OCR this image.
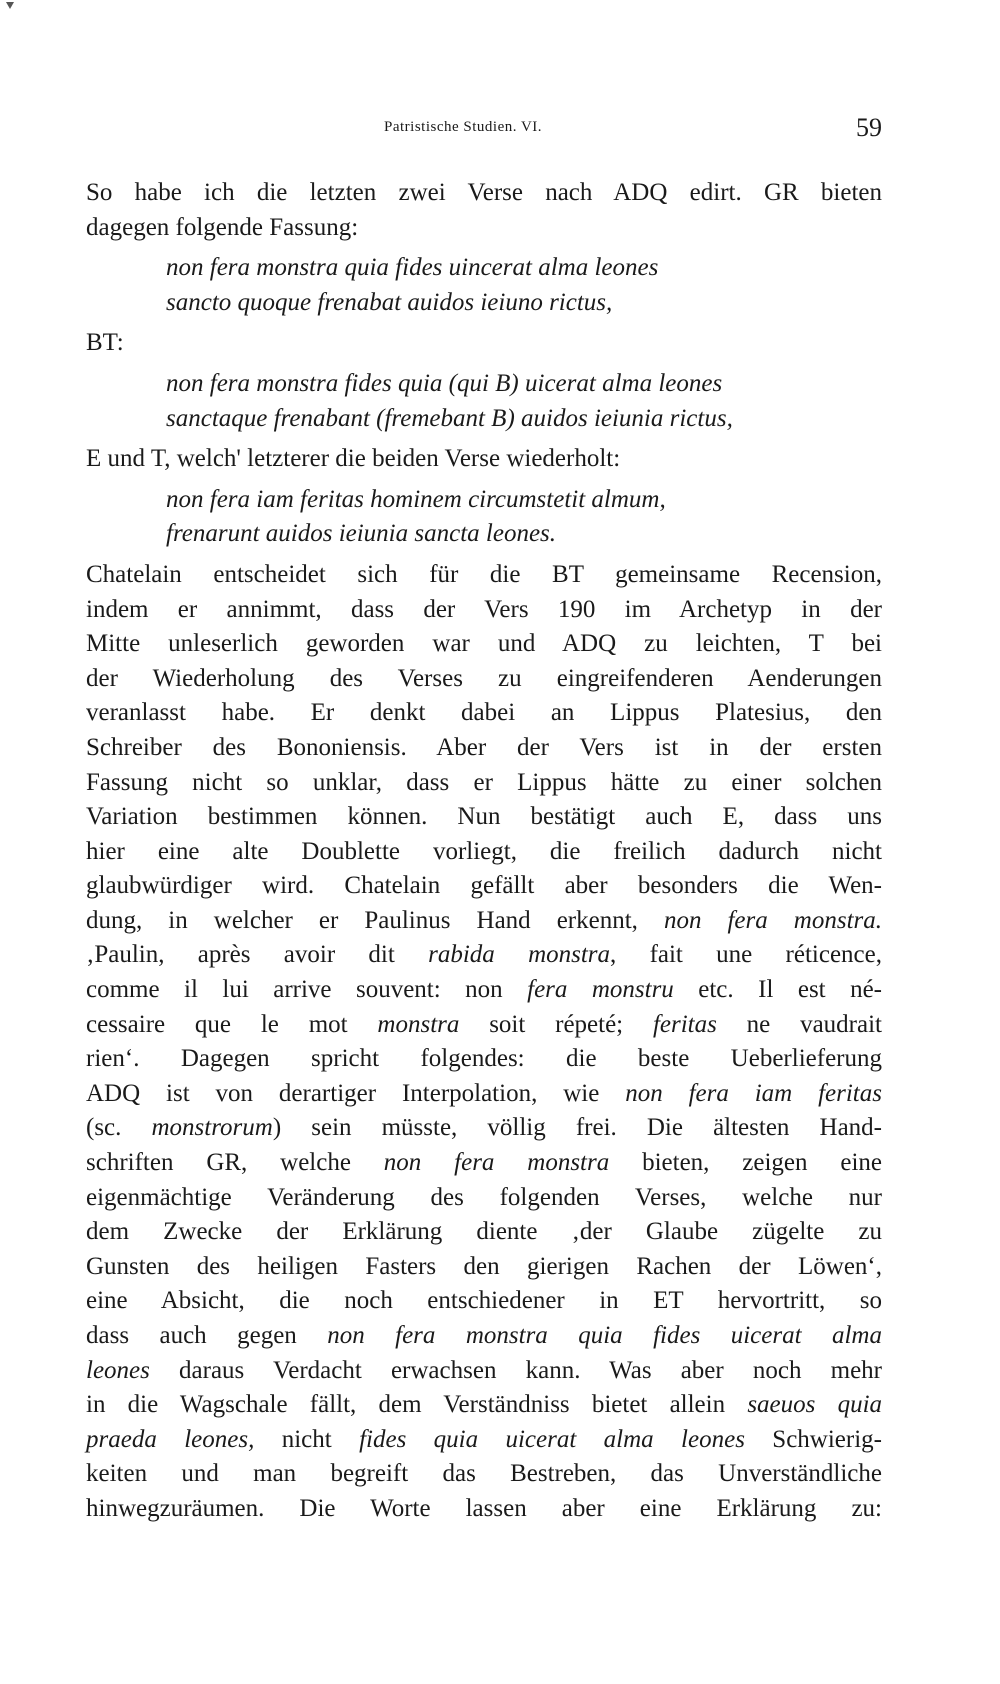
Patristische Studien. VI.	59
So habe ich die letzten zwei Verse nach ADQ edirt. GR bieten
dagegen folgende Fassung:
non fera monstra quia fides uincerat alma leones
sancto quoque frenabat auidos ieiuno rictus,
BT:
non fera monstra fides quia (qui B) uicerat alma leones
sanctaque frenabant (fremebant B) auidos ieiunia rictus,
E und T, welch' letzterer die beiden Verse wiederholt:
non fera iam feritas hominem circumstetit almum,
frenarunt auidos ieiunia sancta leones.
Chatelain entscheidet sich für die BT gemeinsame Recension,
indem er annimmt, dass der Vers 190 im Archetyp in der
Mitte unleserlich geworden war und ADQ zu leichten, T bei
der Wiederholung des Verses zu eingreifenderen Aenderungen
veranlasst habe. Er denkt dabei an Lippus Platesius, den
Schreiber des Bononiensis. Aber der Vers ist in der ersten
Fassung nicht so unklar, dass er Lippus hätte zu einer solchen
Variation bestimmen können. Nun bestätigt auch E, dass uns
hier eine alte Doublette vorliegt, die freilich dadurch nicht
glaubwürdiger wird. Chatelain gefällt aber besonders die Wen-
dung, in welcher er Paulinus Hand erkennt, non fera monstra.
‚Paulin, après avoir dit rabida monstra, fait une réticence,
comme il lui arrive souvent: non fera monstru etc. Il est né-
cessaire que le mot monstra soit répeté; feritas ne vaudrait
rien‘. Dagegen spricht folgendes: die beste Ueberlieferung
ADQ ist von derartiger Interpolation, wie non fera iam feritas
(sc. monstrorum) sein müsste, völlig frei. Die ältesten Hand-
schriften GR, welche non fera monstra bieten, zeigen eine
eigenmächtige Veränderung des folgenden Verses, welche nur
dem Zwecke der Erklärung diente ‚der Glaube zügelte zu
Gunsten des heiligen Fasters den gierigen Rachen der Löwen‘,
eine Absicht, die noch entschiedener in ET hervortritt, so
dass auch gegen non fera monstra quia fides uicerat alma
leones daraus Verdacht erwachsen kann. Was aber noch mehr
in die Wagschale fällt, dem Verständniss bietet allein saeuos quia
praeda leones, nicht fides quia uicerat alma leones Schwierig-
keiten und man begreift das Bestreben, das Unverständliche
hinwegzuräumen. Die Worte lassen aber eine Erklärung zu:
